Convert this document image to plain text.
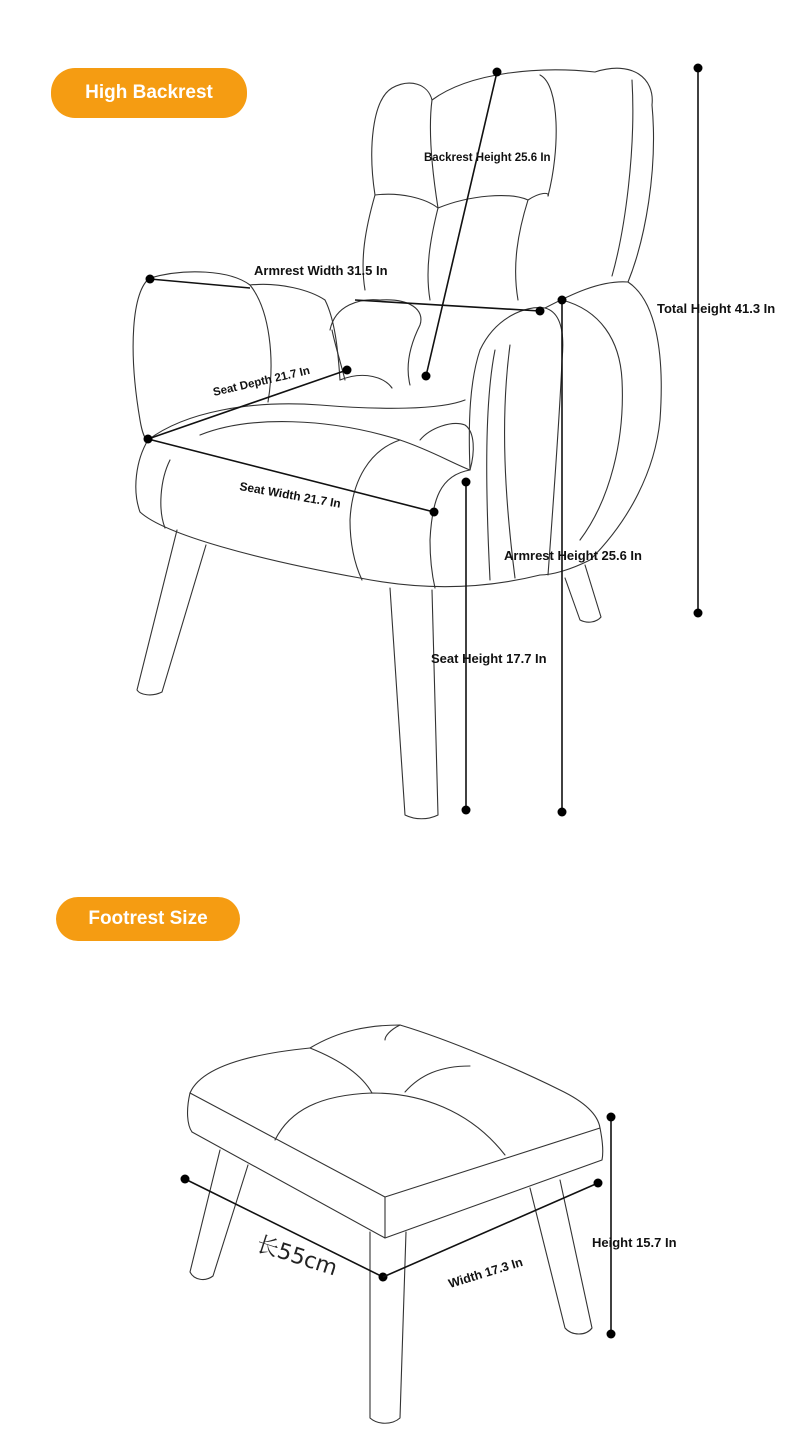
High Backrest
Footrest Size
Backrest Height 25.6 In
Armrest Width 31.5 In
Seat Depth 21.7 In
Seat Width 21.7 In
Total Height 41.3 In
Armrest Height 25.6 In
Seat Height 17.7 In
长55cm	Width 17.3 In
Height 15.7 In
